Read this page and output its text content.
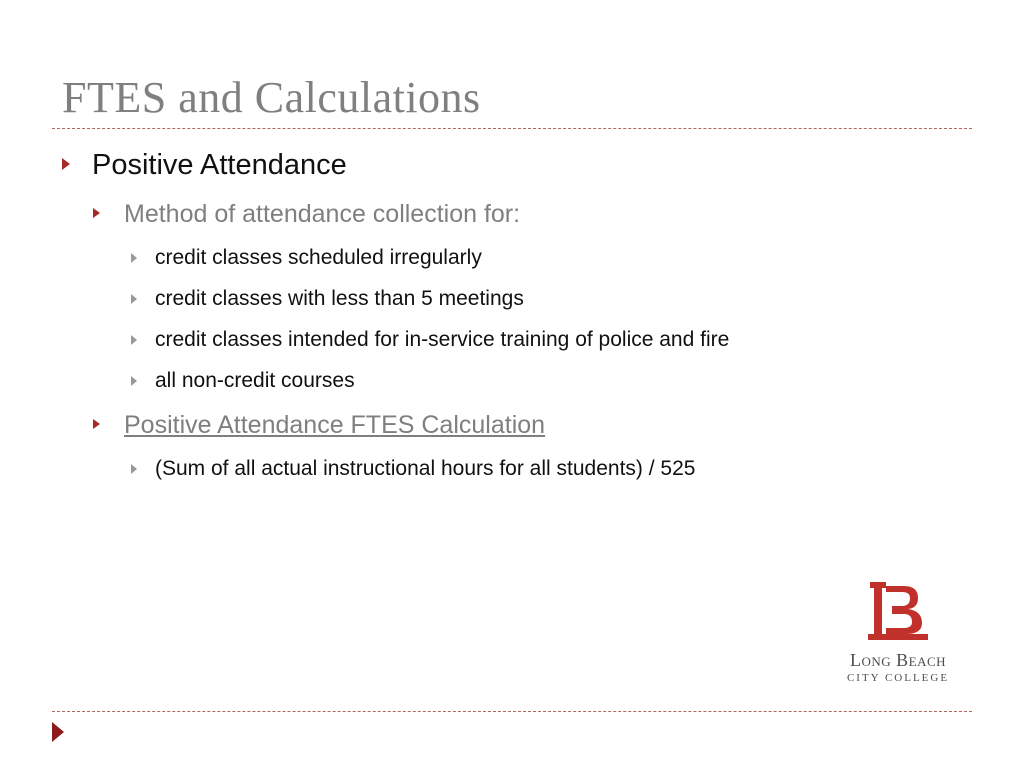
FTES and Calculations
Positive Attendance
Method of attendance collection for:
credit classes scheduled irregularly
credit classes with less than 5 meetings
credit classes intended for in-service training of police and fire
all non-credit courses
Positive Attendance FTES Calculation
(Sum of all actual instructional hours for all students) / 525
Long Beach
CITY COLLEGE
